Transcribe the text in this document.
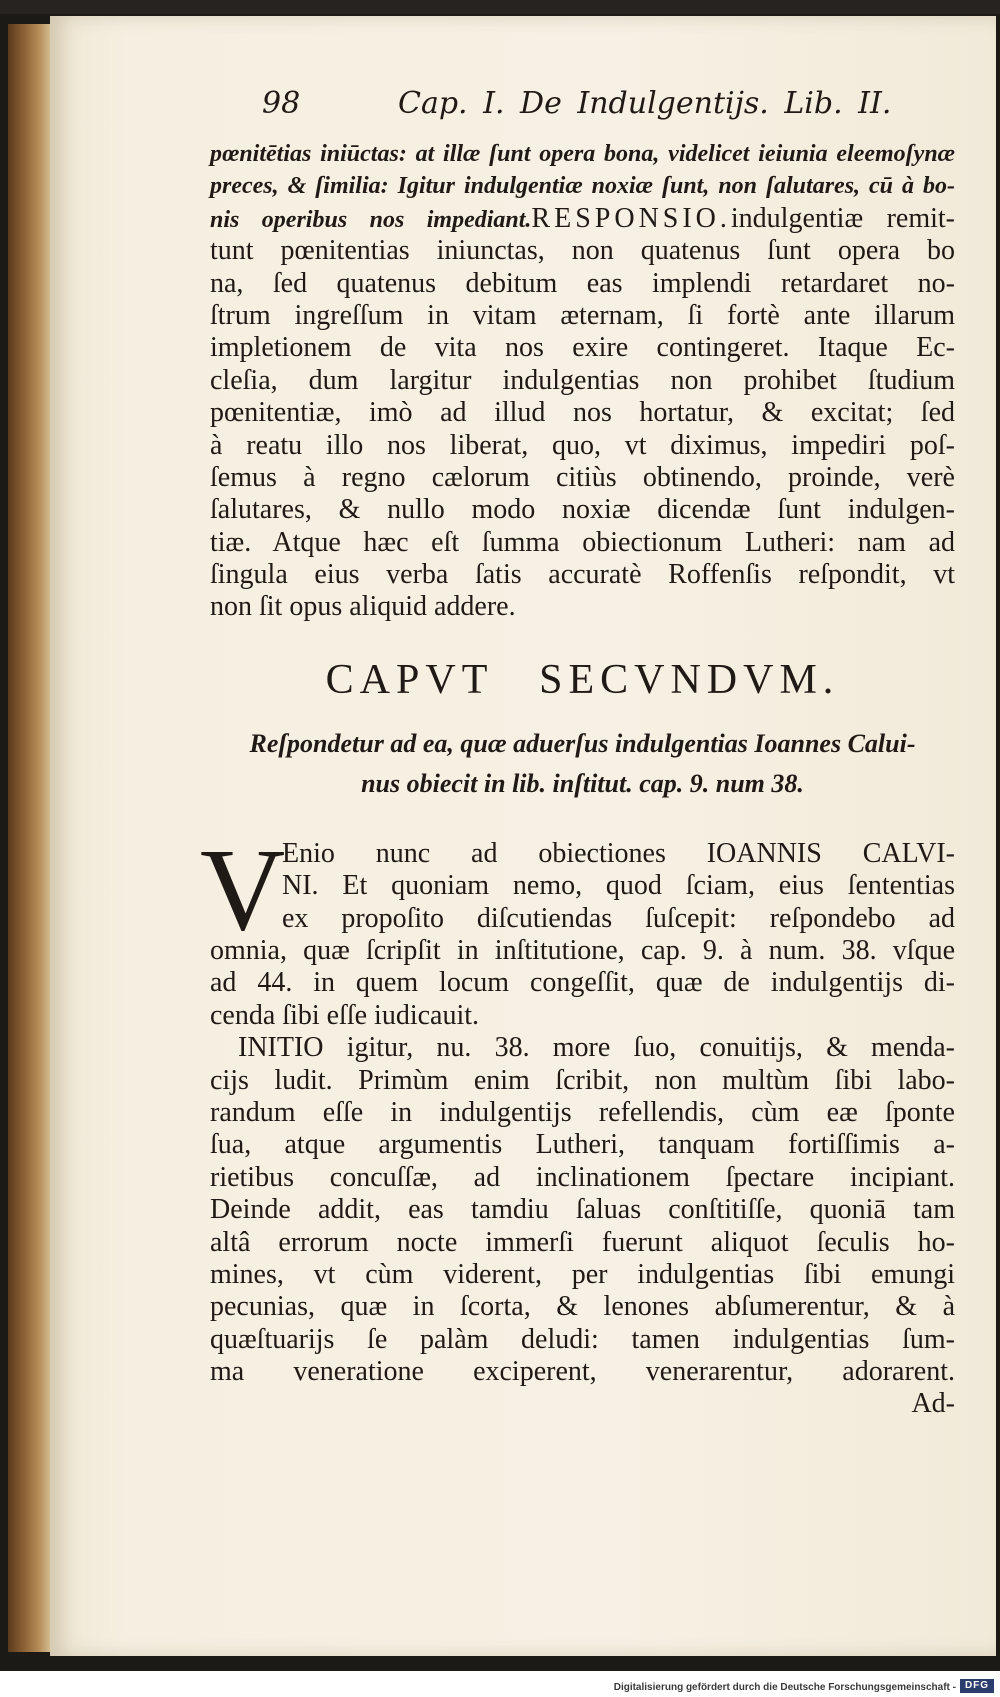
98	Cap. I. De Indulgentijs. Lib. II.
pœnitētias iniūctas: at illæ ſunt opera bona, videlicet ieiunia eleemoſynæ
preces, & ſimilia: Igitur indulgentiæ noxiæ ſunt, non ſalutares, cū à bo-
nis operibus nos impediant.RESPONSIO.indulgentiæ remit-
tunt pœnitentias iniunctas, non quatenus ſunt opera bo
na, ſed quatenus debitum eas implendi retardaret no-
ſtrum ingreſſum in vitam æternam, ſi fortè ante illarum
impletionem de vita nos exire contingeret. Itaque Ec-
cleſia, dum largitur indulgentias non prohibet ſtudium
pœnitentiæ, imò ad illud nos hortatur, & excitat; ſed
à reatu illo nos liberat, quo, vt diximus, impediri poſ-
ſemus à regno cælorum citiùs obtinendo, proinde, verè
ſalutares, & nullo modo noxiæ dicendæ ſunt indulgen-
tiæ. Atque hæc eſt ſumma obiectionum Lutheri: nam ad
ſingula eius verba ſatis accuratè Roffenſis reſpondit, vt
non ſit opus aliquid addere.
CAPVT SECVNDVM.
Reſpondetur ad ea, quæ aduerſus indulgentias Ioannes Calui-
nus obiecit in lib. inſtitut. cap. 9. num 38.
V
Enio nunc ad obiectiones IOANNIS CALVI-
NI. Et quoniam nemo, quod ſciam, eius ſententias
ex propoſito diſcutiendas ſuſcepit: reſpondebo ad
omnia, quæ ſcripſit in inſtitutione, cap. 9. à num. 38. vſque
ad 44. in quem locum congeſſit, quæ de indulgentijs di-
cenda ſibi eſſe iudicauit.
INITIO igitur, nu. 38. more ſuo, conuitijs, & menda-
cijs ludit. Primùm enim ſcribit, non multùm ſibi labo-
randum eſſe in indulgentijs refellendis, cùm eæ ſponte
ſua, atque argumentis Lutheri, tanquam fortiſſimis a-
rietibus concuſſæ, ad inclinationem ſpectare incipiant.
Deinde addit, eas tamdiu ſaluas conſtitiſſe, quoniā tam
altâ errorum nocte immerſi fuerunt aliquot ſeculis ho-
mines, vt cùm viderent, per indulgentias ſibi emungi
pecunias, quæ in ſcorta, & lenones abſumerentur, & à
quæſtuarijs ſe palàm deludi: tamen indulgentias ſum-
ma veneratione exciperent, venerarentur, adorarent.
Ad-
Digitalisierung gefördert durch die Deutsche Forschungsgemeinschaft - DFG
